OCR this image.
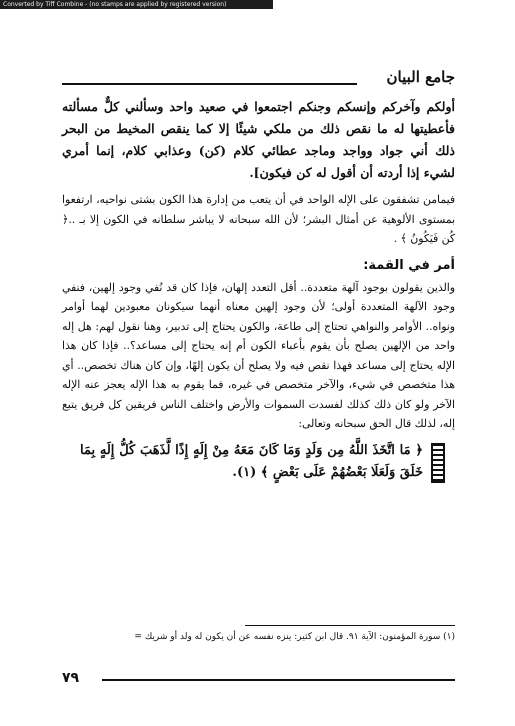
Converted by Tiff Combine - (no stamps are applied by registered version)
جامع البيان

أولكم وآخركم وإنسكم وجنكم اجتمعوا في صعيد واحد وسألني كلٌّ مسألته فأعطيتها له ما نقص ذلك من ملكي شيئًا إلا كما ينقص المخيط من البحر ذلك أني جواد وواجد وماجد عطائي كلام (كن) وعذابي كلام، إنما أمري لشيء إذا أردته أن أقول له كن فيكون].

فيمامن تشفقون على الإله الواحد في أن يتعب من إدارة هذا الكون بشتى نواحيه، ارتفعوا بمستوى الألوهية عن أمثال البشر؛ لأن الله سبحانه لا يباشر سلطانه في الكون إلا بـ ..﴿ كُن فَيَكُونُ ﴾ .

أمر في القمة:

والذين يقولون بوجود آلهة متعددة.. أقل التعدد إلهان، فإذا كان قد نُفي وجود إلهين، فنفي وجود الآلهة المتعددة أولى؛ لأن وجود إلهين معناه أنهما سيكونان معبودين لهما أوامر ونواه.. الأوامر والنواهي تحتاج إلى طاعة، والكون يحتاج إلى تدبير، وهنا نقول لهم: هل إله واحد من الإلهين يصلح بأن يقوم بأعباء الكون أم إنه يحتاج إلى مساعد؟.. فإذا كان هذا الإله يحتاج إلى مساعد فهذا نقص فيه ولا يصلح أن يكون إلهًا، وإن كان هناك تخصص.. أي هذا متخصص في شيء، والآخر متخصص في غيره، فما يقوم به هذا الإله يعجز عنه الإله الآخر ولو كان ذلك كذلك لفسدت السموات والأرض واختلف الناس فريقين كل فريق يتبع إله، لذلك قال الحق سبحانه وتعالى:

﴿ مَا اتَّخَذَ اللَّهُ مِن وَلَدٍ وَمَا كَانَ مَعَهُ مِنْ إِلَهٍ إِذًا لَّذَهَبَ كُلُّ إِلَهٍ بِمَا خَلَقَ وَلَعَلَا بَعْضُهُمْ عَلَى بَعْضٍ ﴾ (١).
(١) سورة المؤمنون: الآية ٩١. قال ابن كثير: ينزه نفسه عن أن يكون له ولد أو شريك =
٧٩
